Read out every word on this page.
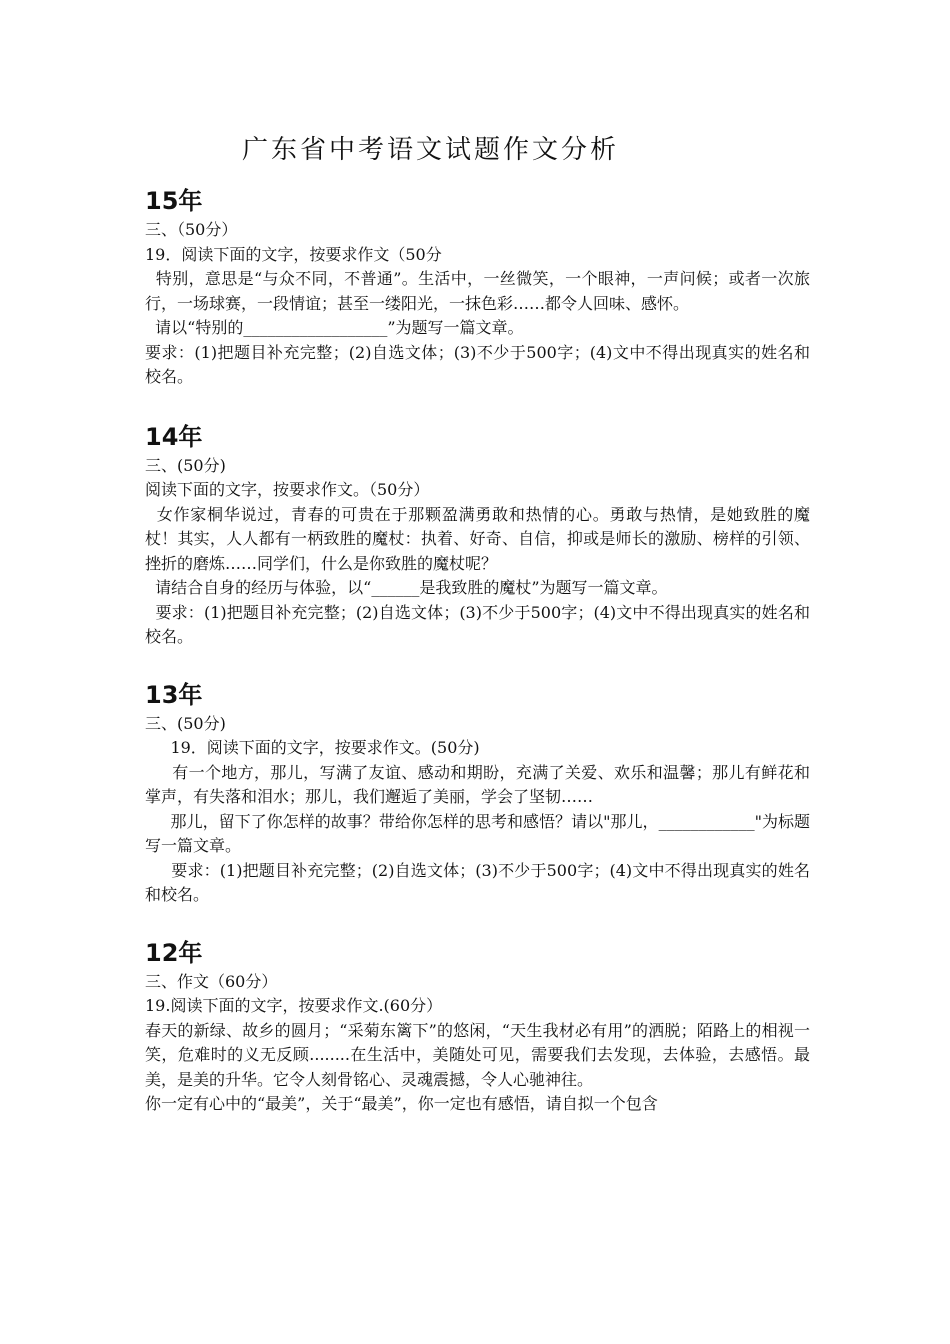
广东省中考语文试题作文分析
15年

三、（50分）

19．阅读下面的文字，按要求作文（50分

特别，意思是“与众不同，不普通”。生活中，一丝微笑，一个眼神，一声问候；或者一次旅行，一场球赛，一段情谊；甚至一缕阳光，一抹色彩……都令人回味、感怀。

请以“特别的__________________”为题写一篇文章。

要求：(1)把题目补充完整；(2)自选文体；(3)不少于500字；(4)文中不得出现真实的姓名和校名。

14年

三、(50分)

阅读下面的文字，按要求作文。（50分）

女作家桐华说过，青春的可贵在于那颗盈满勇敢和热情的心。勇敢与热情，是她致胜的魔杖！其实，人人都有一柄致胜的魔杖：执着、好奇、自信，抑或是师长的激励、榜样的引领、挫折的磨炼……同学们，什么是你致胜的魔杖呢？

请结合自身的经历与体验，以“______是我致胜的魔杖”为题写一篇文章。

要求：(1)把题目补充完整；(2)自选文体；(3)不少于500字；(4)文中不得出现真实的姓名和校名。

13年

三、(50分)

19．阅读下面的文字，按要求作文。(50分)

有一个地方，那儿，写满了友谊、感动和期盼，充满了关爱、欢乐和温馨；那儿有鲜花和掌声，有失落和泪水；那儿，我们邂逅了美丽，学会了坚韧……

那儿，留下了你怎样的故事？带给你怎样的思考和感悟？请以"那儿，____________"为标题写一篇文章。

要求：(1)把题目补充完整；(2)自选文体；(3)不少于500字；(4)文中不得出现真实的姓名和校名。

12年

三、作文（60分）

19.阅读下面的文字，按要求作文.(60分）

春天的新绿、故乡的圆月；“采菊东篱下”的悠闲，“天生我材必有用”的洒脱；陌路上的相视一笑，危难时的义无反顾........在生活中，美随处可见，需要我们去发现，去体验，去感悟。最美，是美的升华。它令人刻骨铭心、灵魂震撼，令人心驰神往。

你一定有心中的“最美”，关于“最美”，你一定也有感悟，请自拟一个包含
